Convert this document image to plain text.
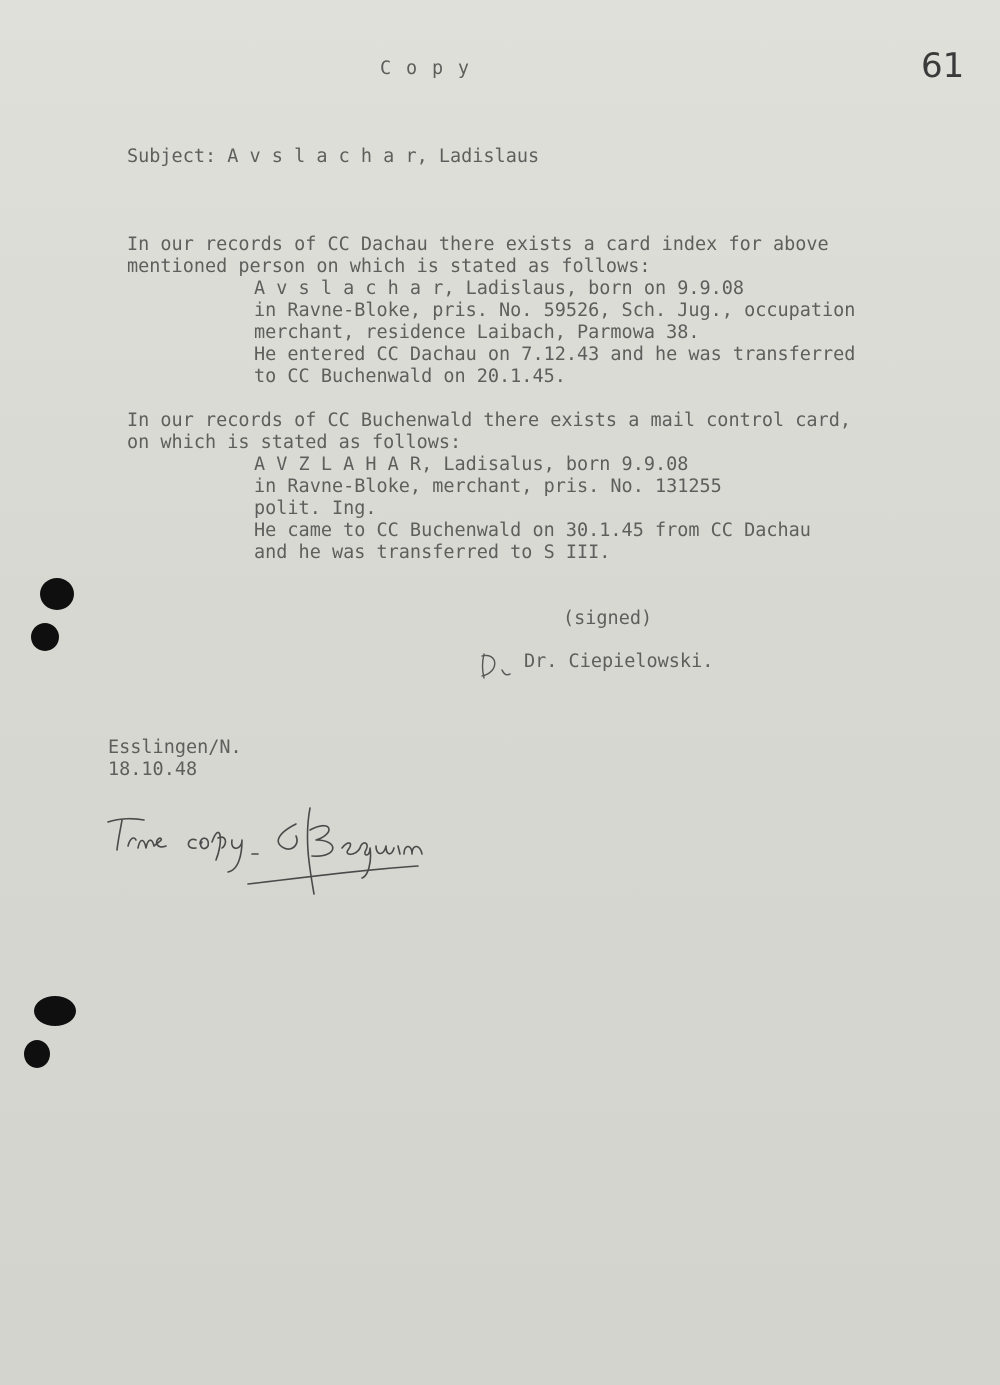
C o p y	61
Subject: A v s l a c h a r, Ladislaus
In our records of CC Dachau there exists a card index for above
mentioned person on which is stated as follows:
A v s l a c h a r, Ladislaus, born on 9.9.08
in Ravne-Bloke, pris. No. 59526, Sch. Jug., occupation
merchant, residence Laibach, Parmowa 38.
He entered CC Dachau on 7.12.43 and he was transferred
to CC Buchenwald on 20.1.45.
In our records of CC Buchenwald there exists a mail control card,
on which is stated as follows:
A V Z L A H A R, Ladisalus, born 9.9.08
in Ravne-Bloke, merchant, pris. No. 131255
polit. Ing.
He came to CC Buchenwald on 30.1.45 from CC Dachau
and he was transferred to S III.
(signed)
Dr. Ciepielowski.
Esslingen/N.
18.10.48
